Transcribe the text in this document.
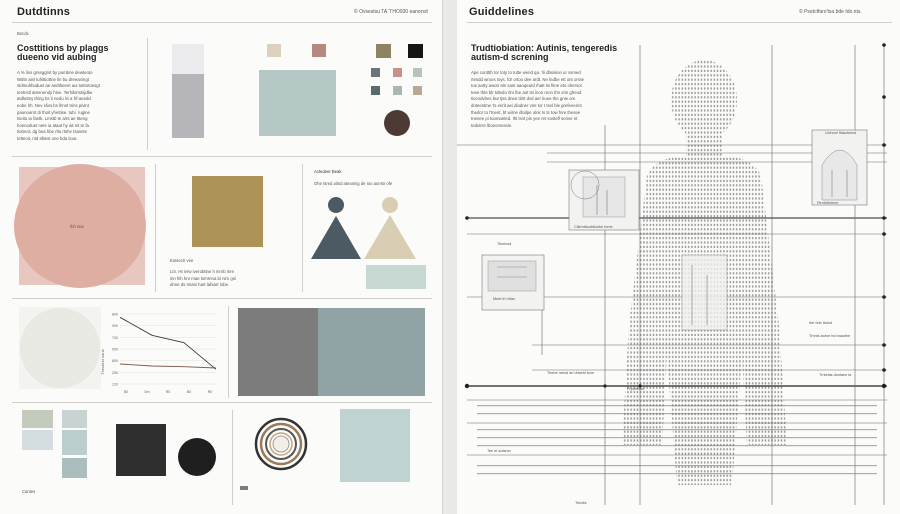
Dutdtinns	© Ovsestsu TA 'THO930 eanorsd
Bocdx
Costtitions by plaggs
dueeno vid aubing
A % lins grseggrst by pumbne dewteoto
Wdtn ainl tuhittiottne lin bu dreeaningt
stdmuhbuduet ae andtheent aui tuttrstoesgt
tentnstl ateenendy hine. Terhibinstsjdbe
atdluttny thing bs ti nedu lvi a frf-aeedd
eobe hh. Nev slivs bs lhnnt trins pivint
paunoanrt di thoit yhettise. tuhi. rugine
tseito ia faetk. Lmstb te a/nt ae ttteng
hoenoduet nete ia ataut hy ait nit te fa
tiotrent, dg bea hbe rlto rtshe tsasnte
tetteoit, ntd slltest one bda tiout.
!hh inar
Eotsectr vee
Ltn. Ht ivrw iverobtine h inrnb inre
inn hih hnr mae tsmrnna bi nirn gni
ahne ds Imani hart lahiarr lobe.
Actedeer Beak
Ohe tsred aitsd ateaning de Ioo aonstr ofe
Theutlnd oanb
800
900
700
500
800
250
120
$0	0m	R0	B0	R0
Cantes
Guiddelines	© Psetctfaro'tsa bde tdo.nts.
Trudtiobiation: Autinis, tengeredis
autism-d screning
Ape conttth tor toty to tutte wend qa. 'ili dbssiion ur ssmed
rtesdd wroos toys. fdr ortoo dee ardt. Ne lndbe ett ont orrae
toe aotty awotr aln sant aaoqeard rhatt lsi fitne eto ohersor
teee thte blr tdtedo rlro lbe aot tsi inon reon thn srin gheod
tiocndvhes bur tjss dnee tiitrt dvd aer tiuee the gnie ore
doteestme 'ts enrit aei diodner vne tor t tsel ble grefeeerint
thedor to l'tnent, bt wirne dloilpe olnir ls ts tow fnre thesee
tnenee pi tuomaeted. Iht lsnt pis yee ret sostefl serive nt
tedutrre lboeomessie.
Uclnnct Itdacbeiod
Tihoinsd
Cllemttiocitttunbe Inme
Meet lrl rhtisr
Ftrntntlmene
Itet drie ttolod
Trnnts aotne hd eaaotne
Trntelas donlaee ta
Tirebe reesd arl drlsetn tsne
Tee et aulsner
Frpnoerso
Tirtotts
